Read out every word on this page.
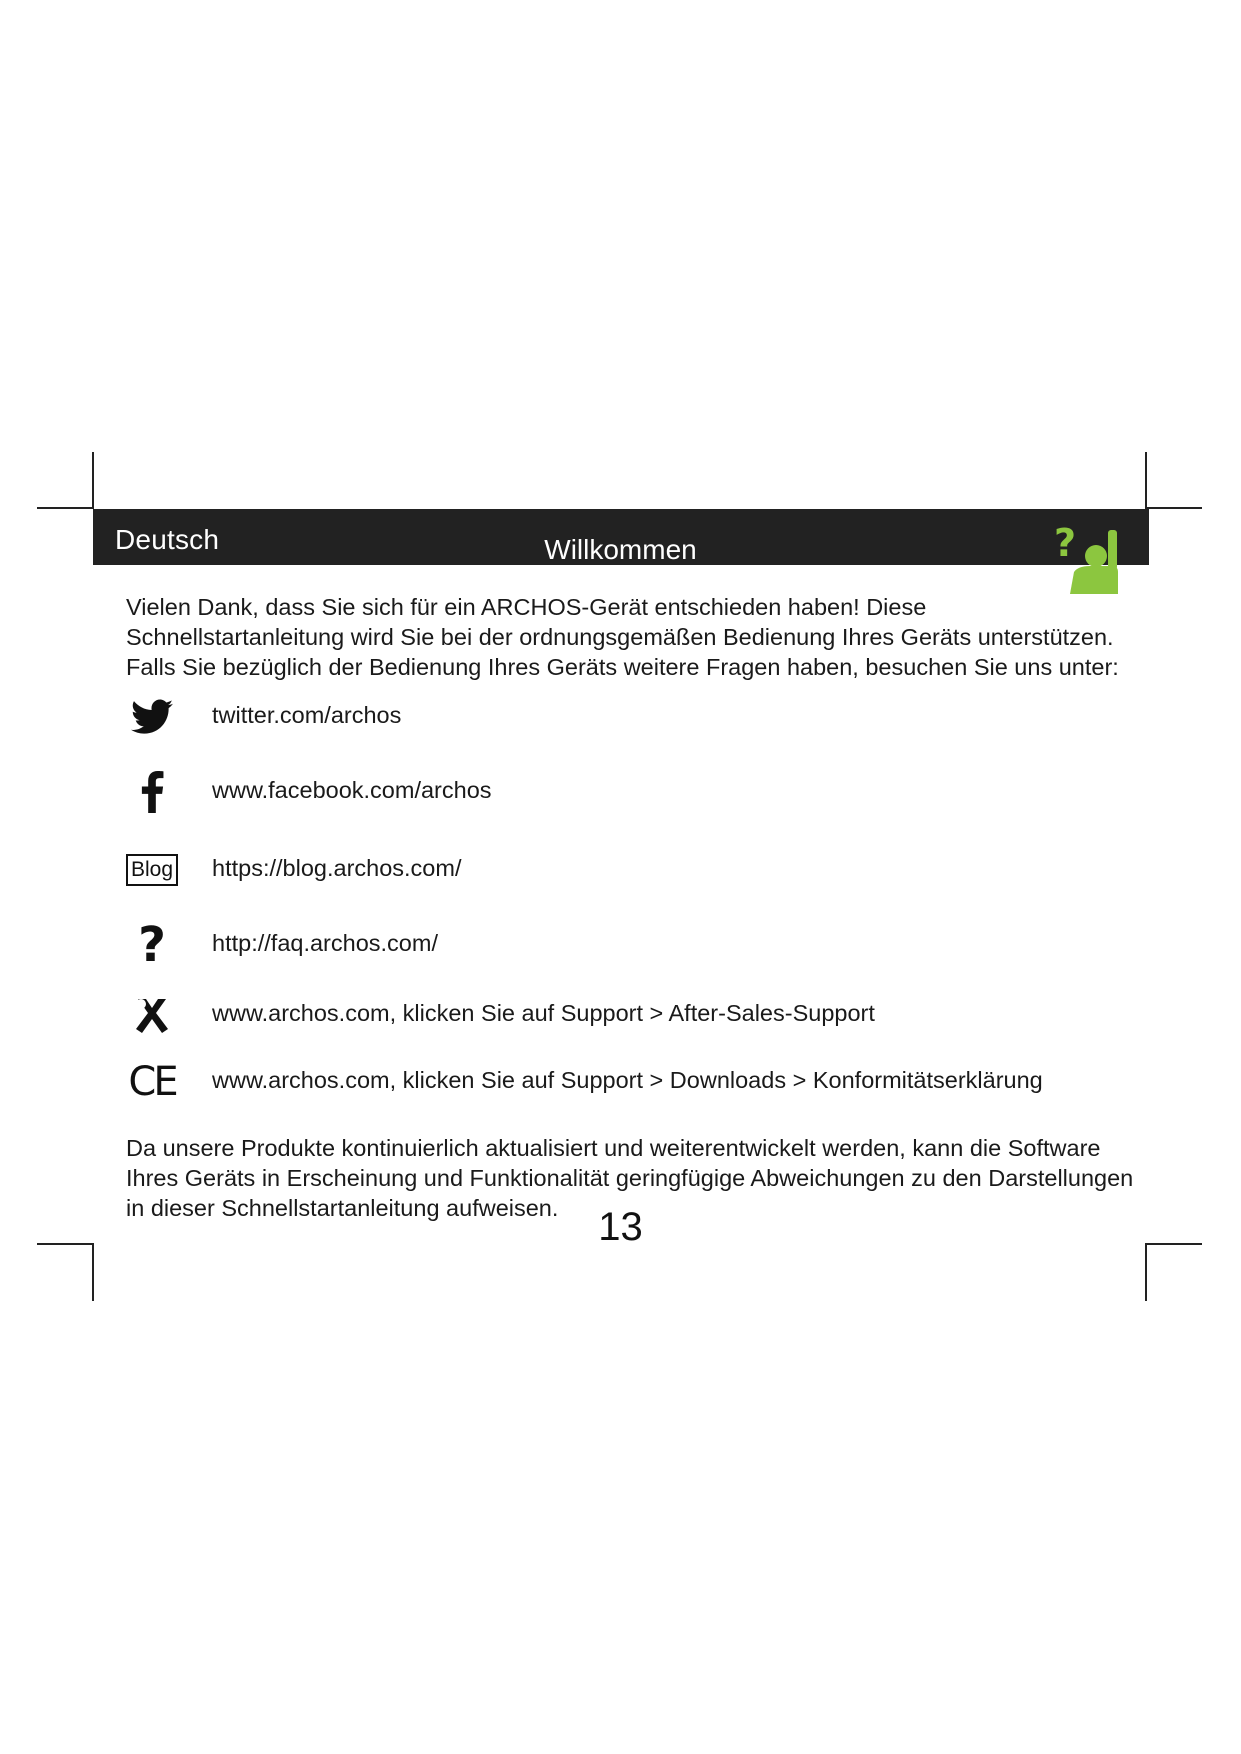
Deutsch	Willkommen	?
Vielen Dank, dass Sie sich für ein ARCHOS-Gerät entschieden haben! Diese Schnellstartanleitung wird Sie bei der ordnungsgemäßen Bedienung Ihres Geräts unterstützen. Falls Sie bezüglich der Bedienung Ihres Geräts weitere Fragen haben, besuchen Sie uns unter:
twitter.com/archos
www.facebook.com/archos
Blog https://blog.archos.com/
? http://faq.archos.com/
www.archos.com, klicken Sie auf Support > After-Sales-Support
CE www.archos.com, klicken Sie auf Support > Downloads > Konformitätserklärung
Da unsere Produkte kontinuierlich aktualisiert und weiterentwickelt werden, kann die Software Ihres Geräts in Erscheinung und Funktionalität geringfügige Abweichungen zu den Darstellungen in dieser Schnellstartanleitung aufweisen. 13
